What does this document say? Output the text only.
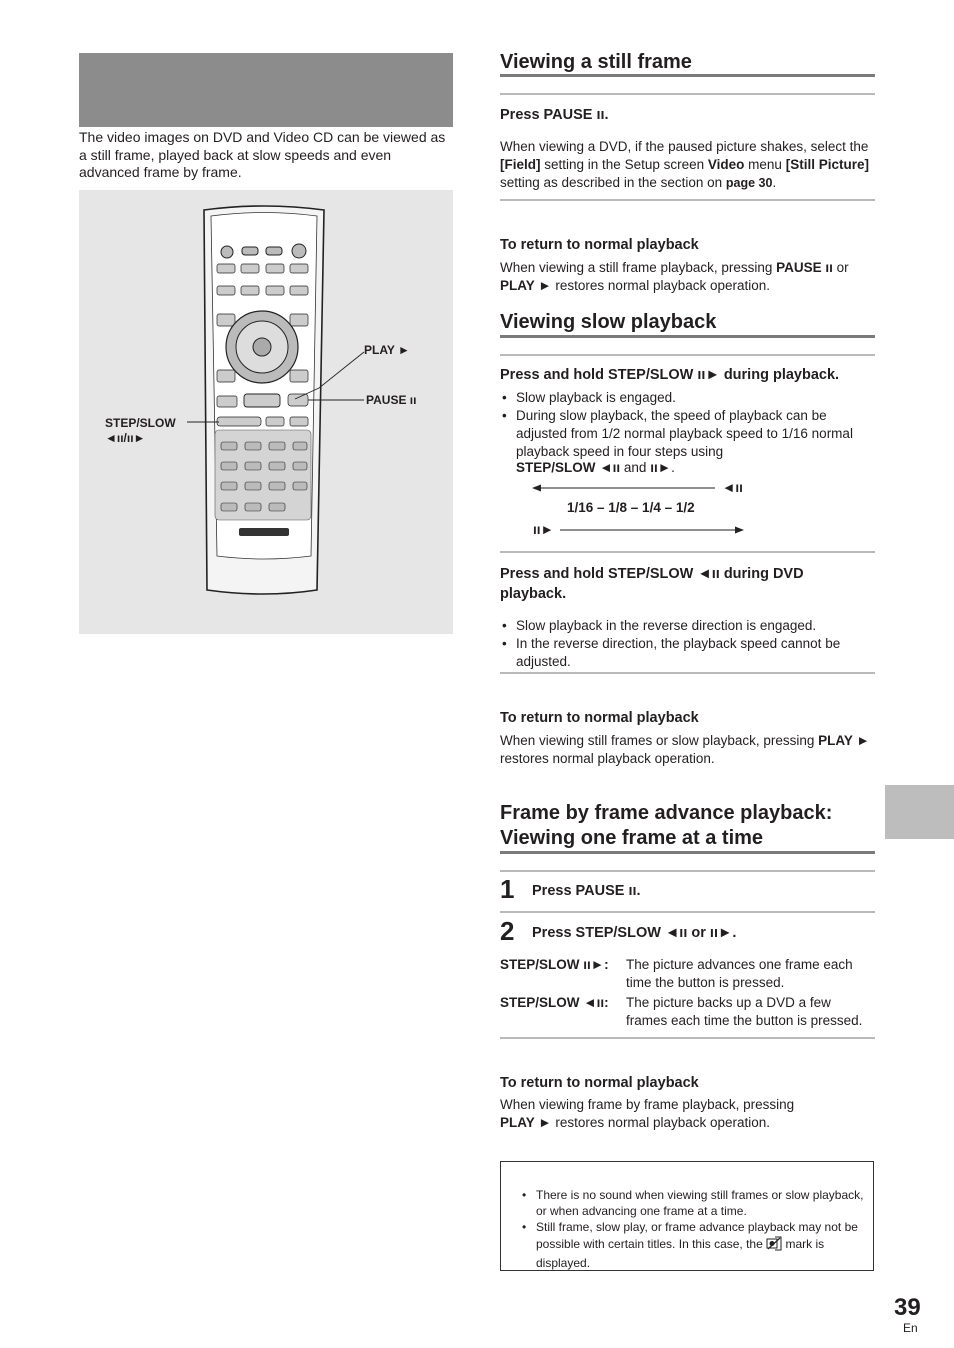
The video images on DVD and Video CD can be viewed as a still frame, played back at slow speeds and even advanced frame by frame.
PLAY ►
PAUSE ıı
STEP/SLOW
◄ıı/ıı►
Viewing a still frame
Press PAUSE ıı.
When viewing a DVD, if the paused picture shakes, select the [Field] setting in the Setup screen Video menu [Still Picture] setting as described in the section on page 30.
To return to normal playback
When viewing a still frame playback, pressing PAUSE ıı or PLAY ► restores normal playback operation.
Viewing slow playback
Press and hold STEP/SLOW ıı► during playback.
• Slow playback is engaged.
• During slow playback, the speed of playback can be adjusted from 1/2 normal playback speed to 1/16 normal playback speed in four steps using
STEP/SLOW ◄ıı and ıı►.
◄ıı
1/16 – 1/8 – 1/4 – 1/2
ıı►
Press and hold STEP/SLOW ◄ıı during DVD playback.
• Slow playback in the reverse direction is engaged.
• In the reverse direction, the playback speed cannot be adjusted.
To return to normal playback
When viewing still frames or slow playback, pressing PLAY ► restores normal playback operation.
Frame by frame advance playback:
Viewing one frame at a time
1 Press PAUSE ıı.
2 Press STEP/SLOW ◄ıı or ıı►.
STEP/SLOW ıı►: The picture advances one frame each time the button is pressed.
STEP/SLOW ◄ıı: The picture backs up a DVD a few frames each time the button is pressed.
To return to normal playback
When viewing frame by frame playback, pressing PLAY ► restores normal playback operation.
• There is no sound when viewing still frames or slow playback, or when advancing one frame at a time.
• Still frame, slow play, or frame advance playback may not be possible with certain titles. In this case, the mark is displayed.
39
En
